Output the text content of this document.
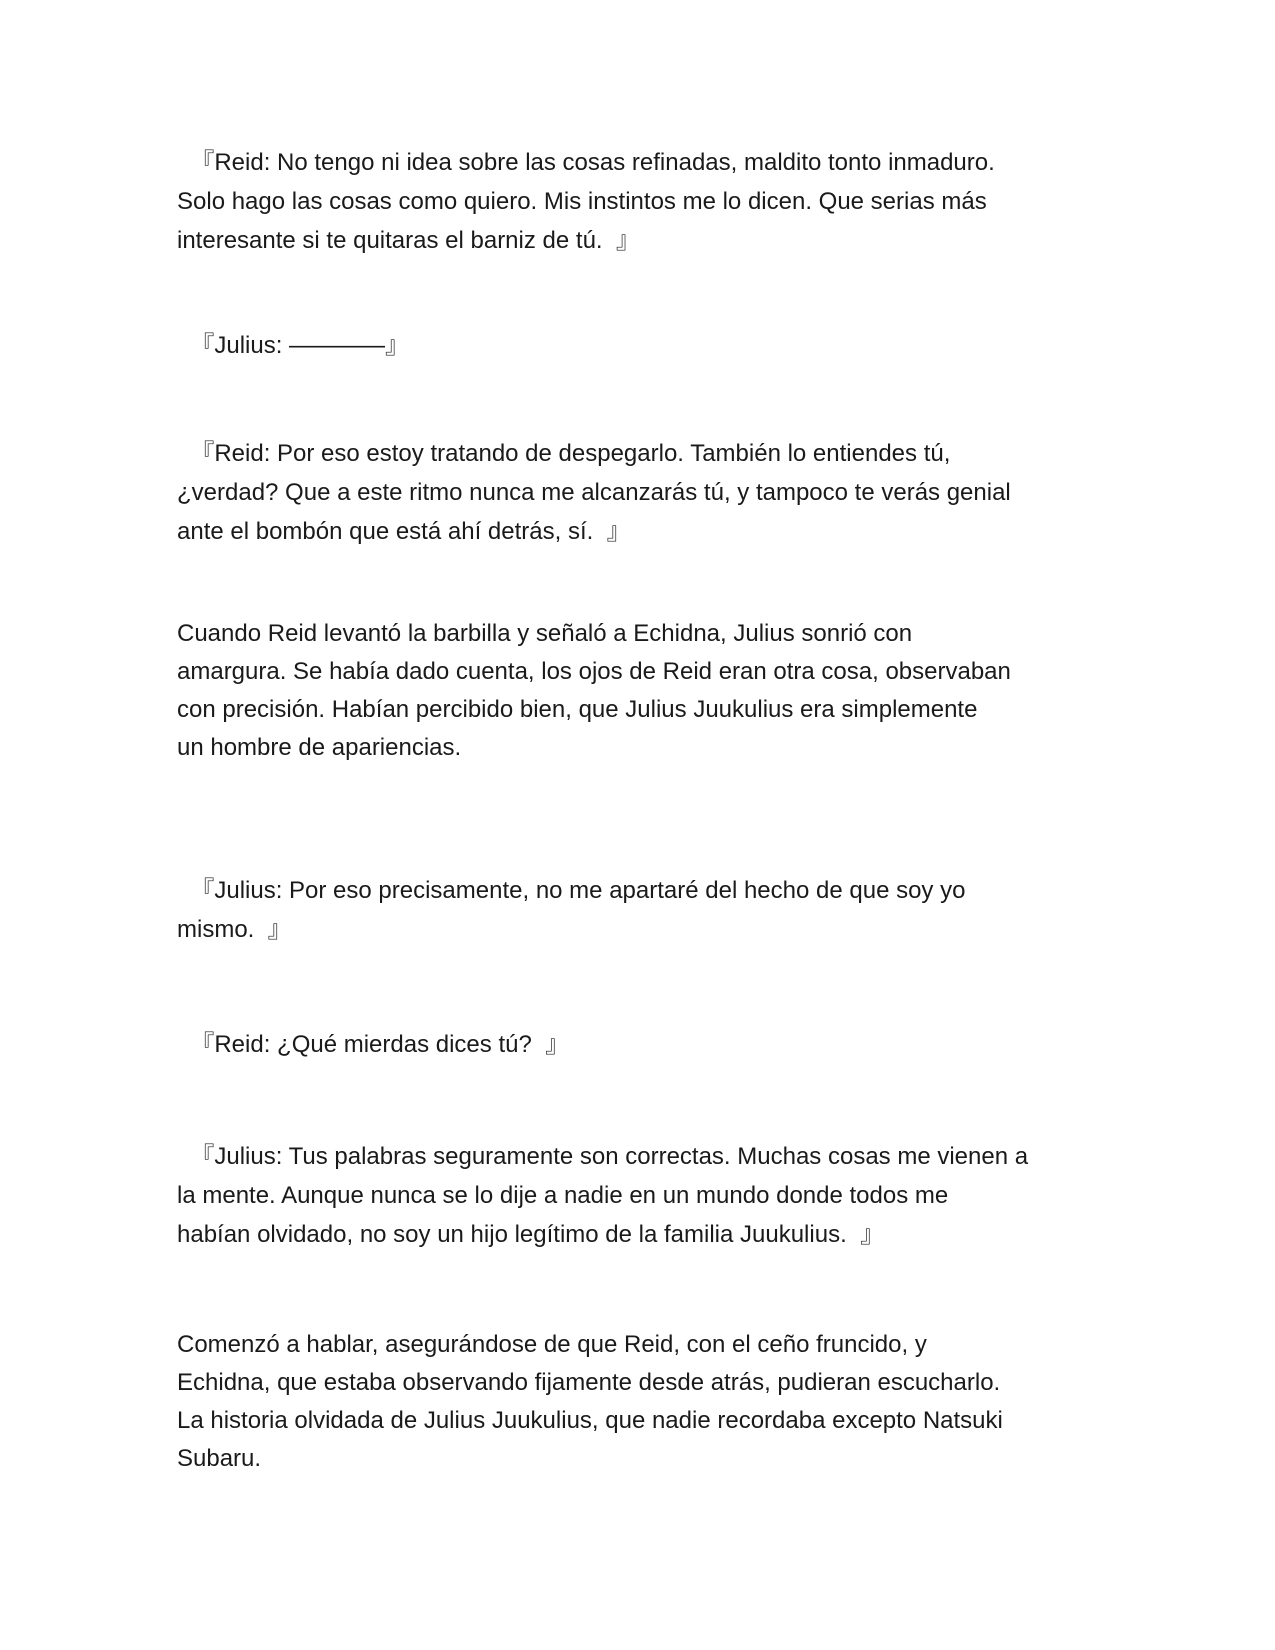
『Reid: No tengo ni idea sobre las cosas refinadas, maldito tonto inmaduro.
Solo hago las cosas como quiero. Mis instintos me lo dicen. Que serias más
interesante si te quitaras el barniz de tú.  』

『Julius: ————』

『Reid: Por eso estoy tratando de despegarlo. También lo entiendes tú,
¿verdad? Que a este ritmo nunca me alcanzarás tú, y tampoco te verás genial
ante el bombón que está ahí detrás, sí.  』

Cuando Reid levantó la barbilla y señaló a Echidna, Julius sonrió con
amargura. Se había dado cuenta, los ojos de Reid eran otra cosa, observaban
con precisión. Habían percibido bien, que Julius Juukulius era simplemente
un hombre de apariencias.

『Julius: Por eso precisamente, no me apartaré del hecho de que soy yo
mismo.  』

『Reid: ¿Qué mierdas dices tú?  』

『Julius: Tus palabras seguramente son correctas. Muchas cosas me vienen a
la mente. Aunque nunca se lo dije a nadie en un mundo donde todos me
habían olvidado, no soy un hijo legítimo de la familia Juukulius.  』

Comenzó a hablar, asegurándose de que Reid, con el ceño fruncido, y
Echidna, que estaba observando fijamente desde atrás, pudieran escucharlo.
La historia olvidada de Julius Juukulius, que nadie recordaba excepto Natsuki
Subaru.
